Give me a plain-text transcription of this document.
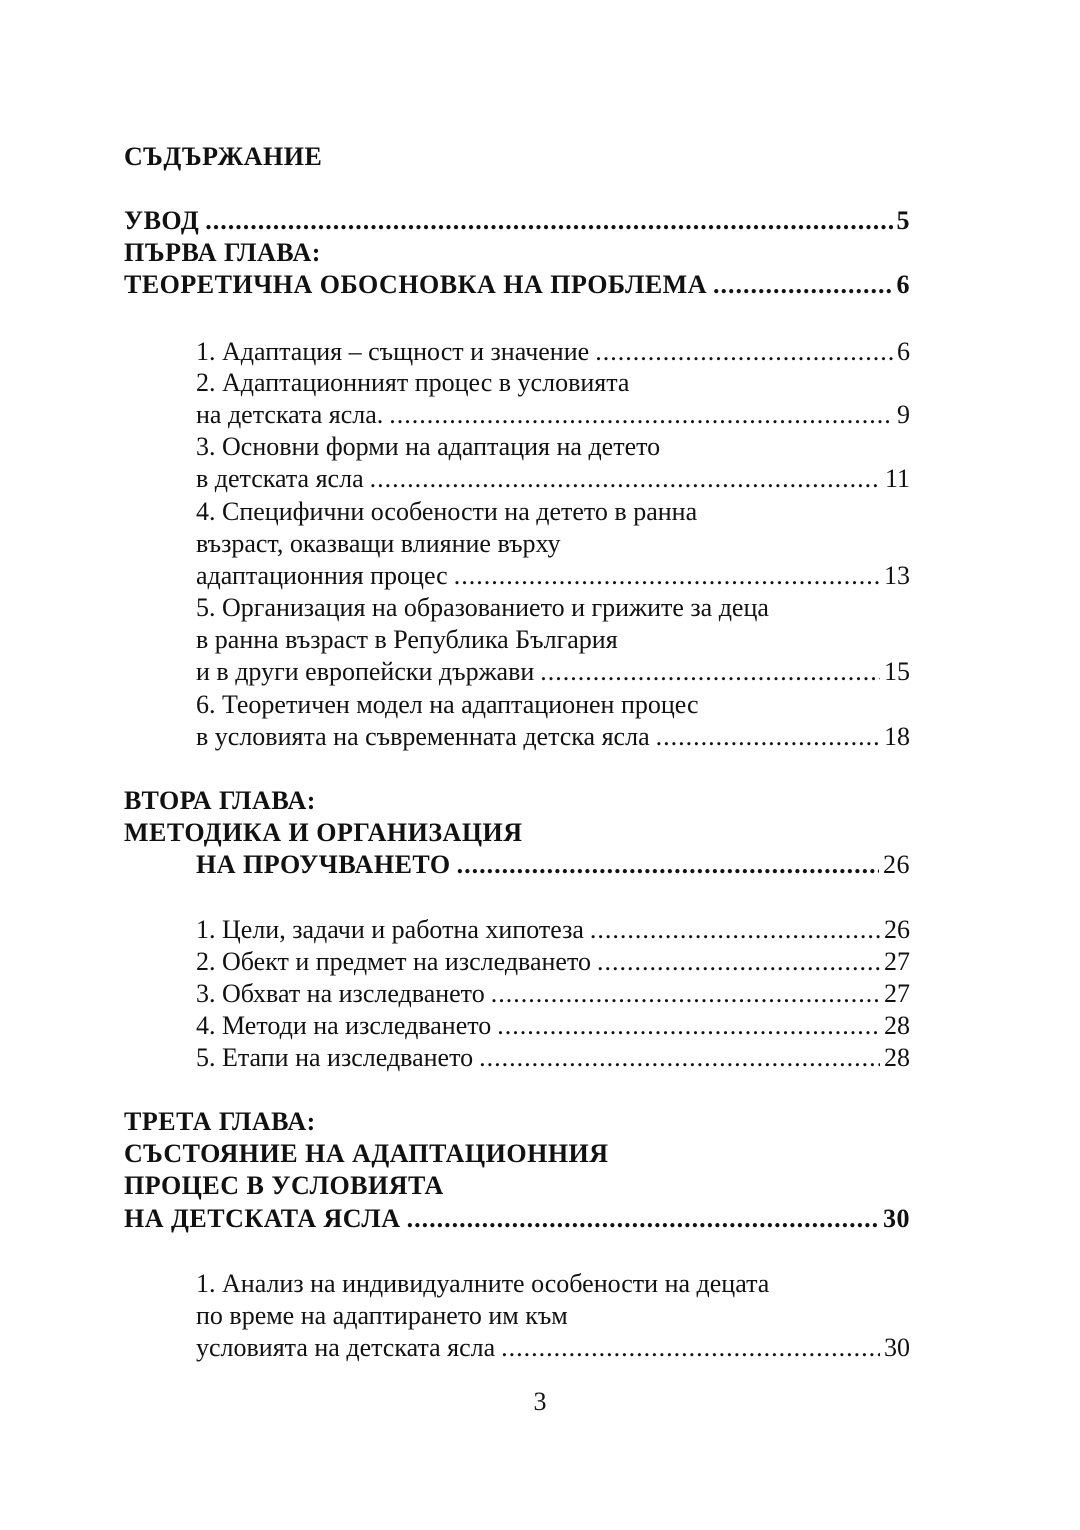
СЪДЪРЖАНИЕ
УВОД .....	5
ПЪРВА ГЛАВА:
ТЕОРЕТИЧНА ОБОСНОВКА НА ПРОБЛЕМА .....	6
1. Адаптация – същност и значение .....	6
2. Адаптационният процес в условията
на детската ясла. .....	9
3. Основни форми на адаптация на детето
в детската ясла .....	11
4. Специфични особености на детето в ранна
възраст, оказващи влияние върху
адаптационния процес .....	13
5. Организация на образованието и грижите за деца
в ранна възраст в Република България
и в други европейски държави .....	15
6. Теоретичен модел на адаптационен процес
в условията на съвременната детска ясла .....	18
ВТОРА ГЛАВА:
МЕТОДИКА И ОРГАНИЗАЦИЯ
НА ПРОУЧВАНЕТО .....	26
1. Цели, задачи и работна хипотеза .....	26
2. Обект и предмет на изследването .....	27
3. Обхват на изследването .....	27
4. Методи на изследването .....	28
5. Етапи на изследването .....	28
ТРЕТА ГЛАВА:
СЪСТОЯНИЕ НА АДАПТАЦИОННИЯ
ПРОЦЕС В УСЛОВИЯТА
НА ДЕТСКАТА ЯСЛА .....	30
1. Анализ на индивидуалните особености на децата
по време на адаптирането им към
условията на детската ясла .....	30
3
